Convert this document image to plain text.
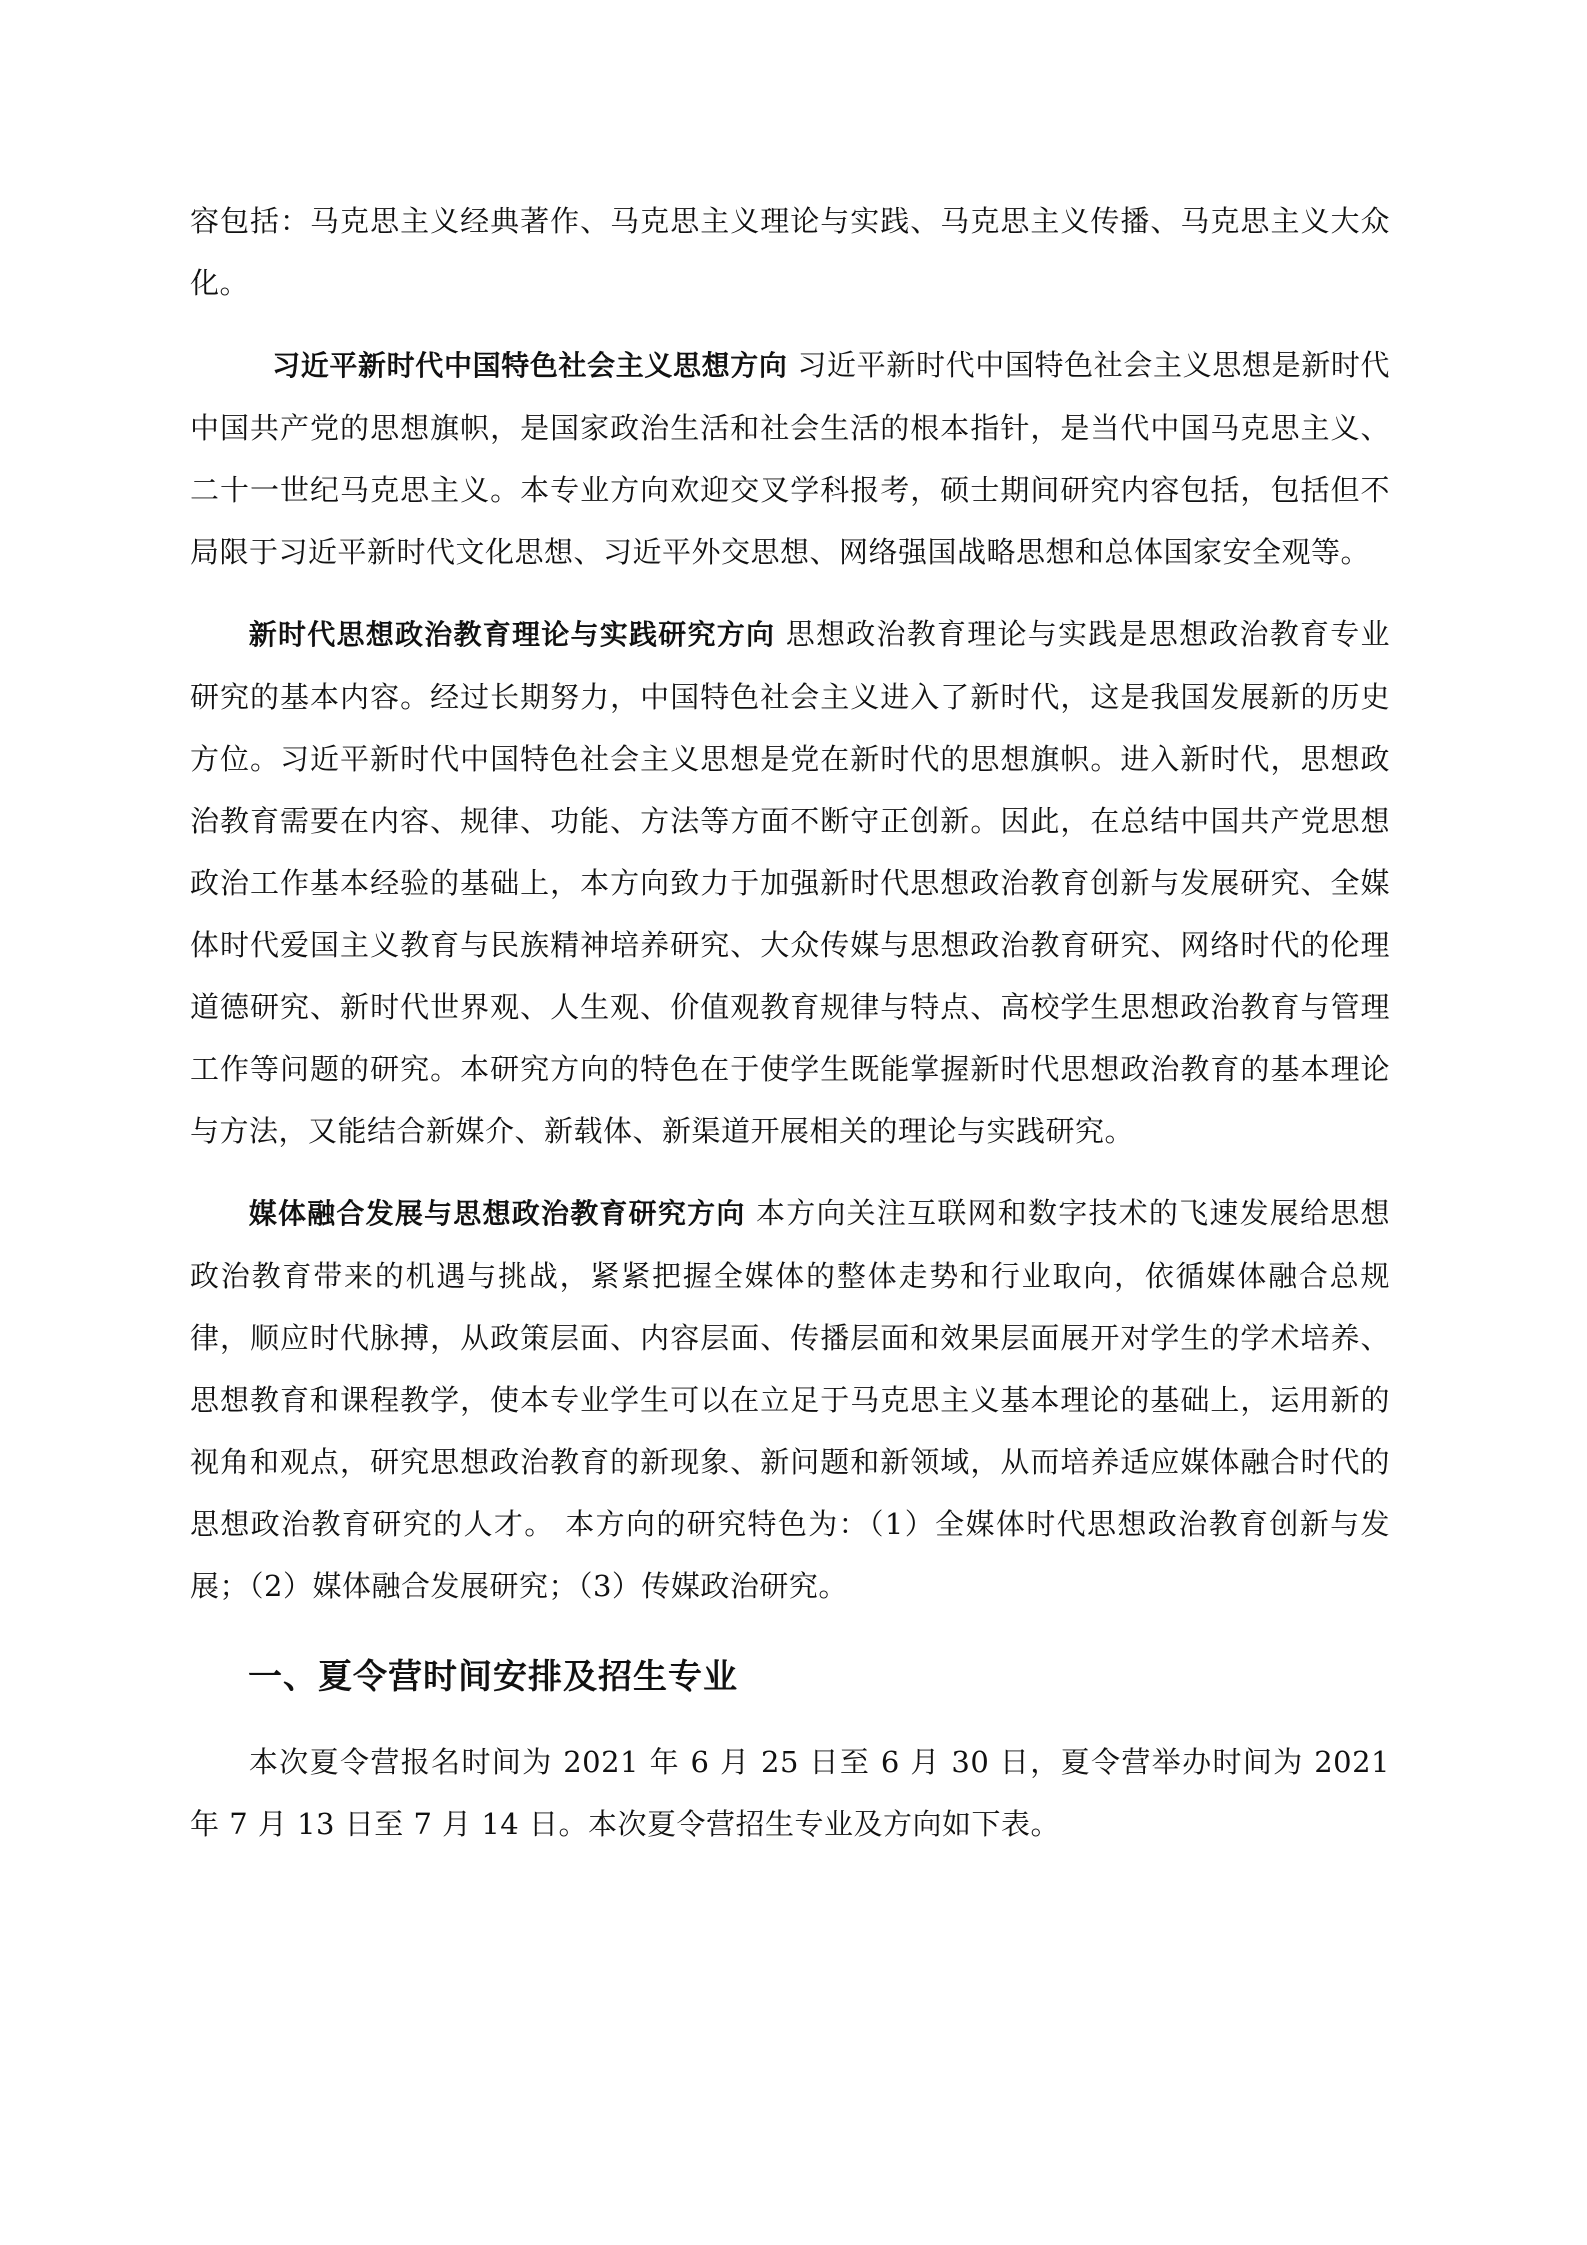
容包括：马克思主义经典著作、马克思主义理论与实践、马克思主义传播、马克思主义大众化。

习近平新时代中国特色社会主义思想方向 习近平新时代中国特色社会主义思想是新时代中国共产党的思想旗帜，是国家政治生活和社会生活的根本指针，是当代中国马克思主义、二十一世纪马克思主义。本专业方向欢迎交叉学科报考，硕士期间研究内容包括，包括但不局限于习近平新时代文化思想、习近平外交思想、网络强国战略思想和总体国家安全观等。

新时代思想政治教育理论与实践研究方向 思想政治教育理论与实践是思想政治教育专业研究的基本内容。经过长期努力，中国特色社会主义进入了新时代，这是我国发展新的历史方位。习近平新时代中国特色社会主义思想是党在新时代的思想旗帜。进入新时代，思想政治教育需要在内容、规律、功能、方法等方面不断守正创新。因此，在总结中国共产党思想政治工作基本经验的基础上，本方向致力于加强新时代思想政治教育创新与发展研究、全媒体时代爱国主义教育与民族精神培养研究、大众传媒与思想政治教育研究、网络时代的伦理道德研究、新时代世界观、人生观、价值观教育规律与特点、高校学生思想政治教育与管理工作等问题的研究。本研究方向的特色在于使学生既能掌握新时代思想政治教育的基本理论与方法，又能结合新媒介、新载体、新渠道开展相关的理论与实践研究。

媒体融合发展与思想政治教育研究方向 本方向关注互联网和数字技术的飞速发展给思想政治教育带来的机遇与挑战，紧紧把握全媒体的整体走势和行业取向，依循媒体融合总规律，顺应时代脉搏，从政策层面、内容层面、传播层面和效果层面展开对学生的学术培养、思想教育和课程教学，使本专业学生可以在立足于马克思主义基本理论的基础上，运用新的视角和观点，研究思想政治教育的新现象、新问题和新领域，从而培养适应媒体融合时代的思想政治教育研究的人才。 本方向的研究特色为：（1）全媒体时代思想政治教育创新与发展；（2）媒体融合发展研究；（3）传媒政治研究。

一、夏令营时间安排及招生专业

本次夏令营报名时间为 2021 年 6 月 25 日至 6 月 30 日，夏令营举办时间为 2021 年 7 月 13 日至 7 月 14 日。本次夏令营招生专业及方向如下表。
